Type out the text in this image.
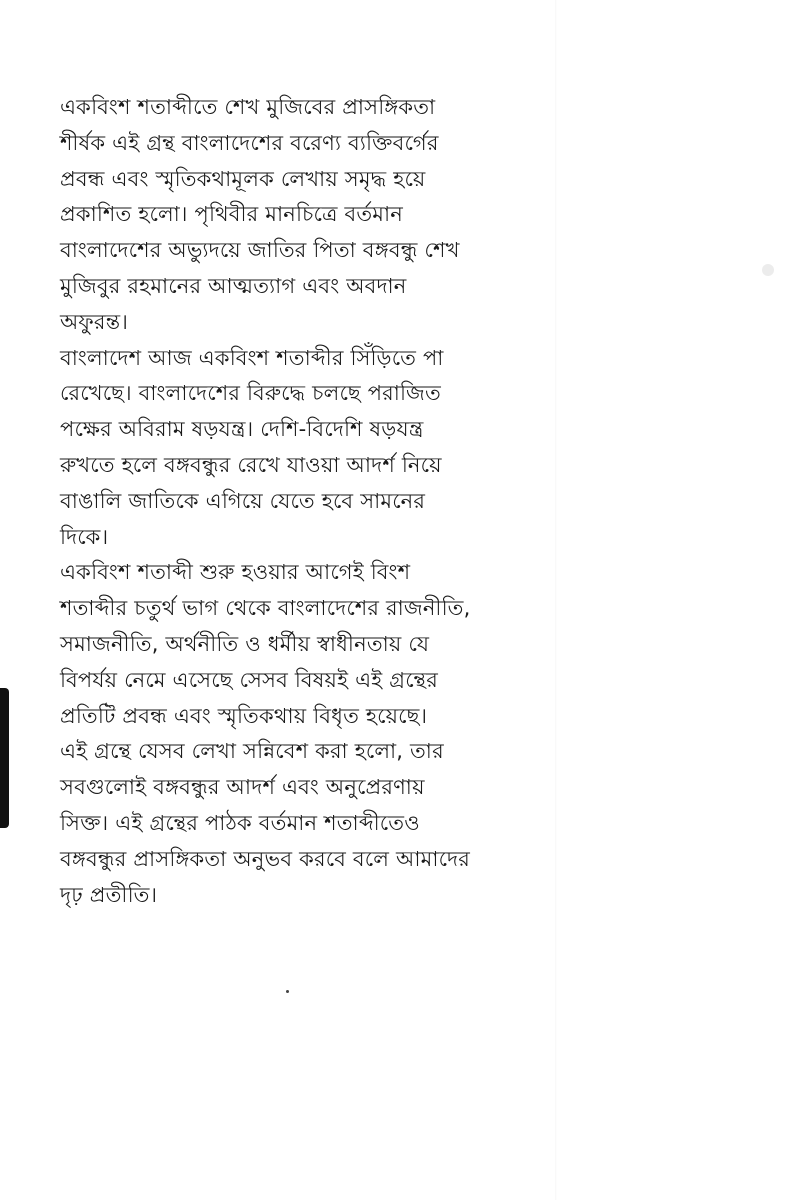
একবিংশ শতাব্দীতে শেখ মুজিবের প্রাসঙ্গিকতা
শীর্ষক এই গ্রন্থ বাংলাদেশের বরেণ্য ব্যক্তিবর্গের
প্রবন্ধ এবং স্মৃতিকথামূলক লেখায় সমৃদ্ধ হয়ে
প্রকাশিত হলো। পৃথিবীর মানচিত্রে বর্তমান
বাংলাদেশের অভ্যুদয়ে জাতির পিতা বঙ্গবন্ধু শেখ
মুজিবুর রহমানের আত্মত্যাগ এবং অবদান
অফুরন্ত।
বাংলাদেশ আজ একবিংশ শতাব্দীর সিঁড়িতে পা
রেখেছে। বাংলাদেশের বিরুদ্ধে চলছে পরাজিত
পক্ষের অবিরাম ষড়যন্ত্র। দেশি-বিদেশি ষড়যন্ত্র
রুখতে হলে বঙ্গবন্ধুর রেখে যাওয়া আদর্শ নিয়ে
বাঙালি জাতিকে এগিয়ে যেতে হবে সামনের
দিকে।
একবিংশ শতাব্দী শুরু হওয়ার আগেই বিংশ
শতাব্দীর চতুর্থ ভাগ থেকে বাংলাদেশের রাজনীতি,
সমাজনীতি, অর্থনীতি ও ধর্মীয় স্বাধীনতায় যে
বিপর্যয় নেমে এসেছে সেসব বিষয়ই এই গ্রন্থের
প্রতিটি প্রবন্ধ এবং স্মৃতিকথায় বিধৃত হয়েছে।
এই গ্রন্থে যেসব লেখা সন্নিবেশ করা হলো, তার
সবগুলোই বঙ্গবন্ধুর আদর্শ এবং অনুপ্রেরণায়
সিক্ত। এই গ্রন্থের পাঠক বর্তমান শতাব্দীতেও
বঙ্গবন্ধুর প্রাসঙ্গিকতা অনুভব করবে বলে আমাদের
দৃঢ় প্রতীতি।
